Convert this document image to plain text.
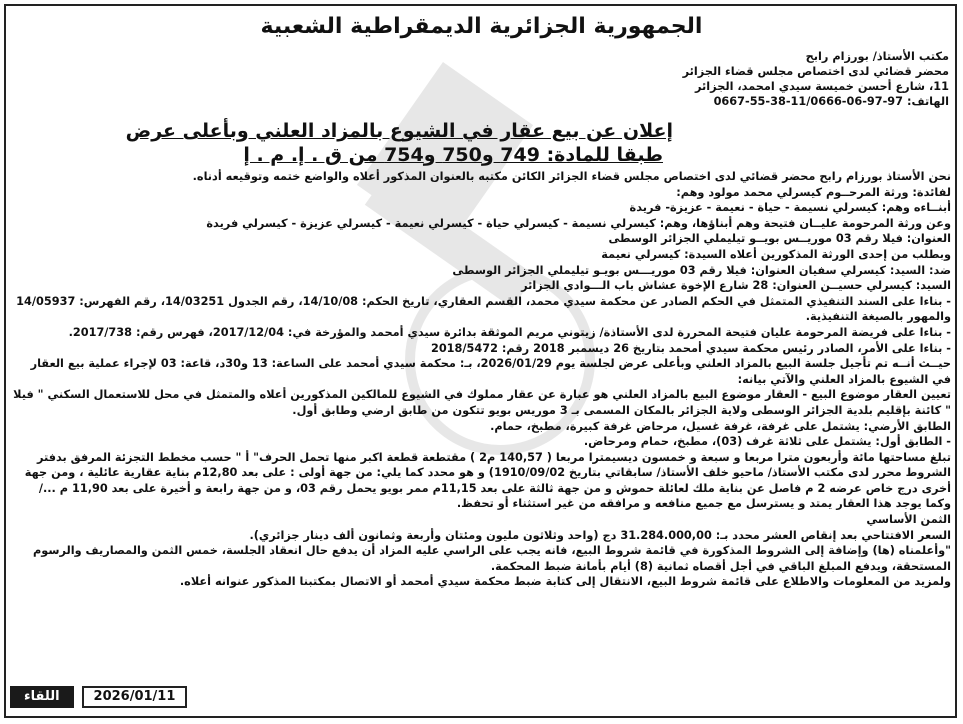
الجمهورية الجزائرية الديمقراطية الشعبية
مكتب الأستاذ/ بورزام رابح
محضر قضائي لدى اختصاص مجلس قضاء الجزائر
11، شارع أحسن خميسة سيدي امحمد، الجزائر
الهاتف: 0667-55-38-11/0666-06-97-97
إعلان عن بيع عقار في الشيوع بالمزاد العلني وبأعلى عرض
طبقا للمادة: 749 و750 و754 من ق . إ. م . إ

نحن الأستاذ بورزام رابح محضر قضائي لدى اختصاص مجلس قضاء الجزائر الكائن مكتبه بالعنوان المذكور أعلاه والواضع ختمه وتوقيعه أدناه.

لفائدة: ورثة المرحــوم كيسرلي محمد مولود وهم:

أبنــاءه وهم: كيسرلي نسيمة - حياة - نعيمة - عزيزة- فريدة

وعن ورثة المرحومة عليــان فتيحة وهم أبناؤها، وهم: كيسرلي نسيمة - كيسرلي حياة - كيسرلي نعيمة - كيسرلي عزيزة - كيسرلي فريدة

العنوان: فيلا رقم 03 موريــس بويــو تيليملي الجزائر الوسطى

وبطلب من إحدى الورثة المذكورين أعلاه السيدة: كيسرلي نعيمة

ضد: السيد: كيسرلي سفيان العنوان: فيلا رقم 03 موريـــس بويـو تيليملي الجزائر الوسطى

السيد: كيسرلي حسيــن العنوان: 28 شارع الإخوة عشاش باب الـــوادي الجزائر

- بناءا على السند التنفيذي المتمثل في الحكم الصادر عن محكمة سيدي محمد، القسم العقاري، تاريخ الحكم: 14/10/08، رقم الجدول 14/03251، رقم الفهرس: 14/05937 والمهور بالصيغة التنفيذية.

- بناءا على فريضة المرحومة عليان فتيحة المحررة لدى الأستاذة/ زيتوني مريم الموثقة بدائرة سيدي أمحمد والمؤرخة في: 2017/12/04، فهرس رقم: 2017/738.

- بناءا على الأمر، الصادر رئيس محكمة سيدي أمحمد بتاريخ 26 ديسمبر 2018 رقم: 2018/5472

حيــث أنــه تم تأجيل جلسة البيع بالمزاد العلني وبأعلى عرض لجلسة يوم 2026/01/29، بـ: محكمة سيدي أمحمد على الساعة: 13 و30د، قاعة: 03 لإجراء عملية بيع العقار في الشيوع بالمزاد العلني والآتي بيانه:

تعيين العقار موضوع البيع - العقار موضوع البيع بالمزاد العلني هو عبارة عن عقار مملوك في الشيوع للمالكين المذكورين أعلاه والمتمثل في محل للاستعمال السكني " فيلا " كائنة بإقليم بلدية الجزائر الوسطى ولاية الجزائر بالمكان المسمى بـ 3 موريس بويو تتكون من طابق ارضي وطابق أول.

الطابق الأرضي: يشتمل على غرفة، غرفة غسيل، مرحاض غرفة كبيرة، مطبخ، حمام.

- الطابق أول: يشتمل على ثلاثة غرف (03)، مطبخ، حمام ومرحاض.

تبلغ مساحتها مائة وأربعون مترا مربعا و سبعة و خمسون ديسيمترا مربعا ( 140,57 م2 ) مقتطعة قطعة اكبر منها تحمل الحرف" أ " حسب مخطط التجزئة المرفق بدفتر الشروط محرر لدى مكتب الأستاذ/ ماحيو خلف الأستاذ/ سابقاتي بتاريخ 1910/09/02) و هو محدد كما يلي: من جهة أولى : على بعد 12,80م بناية عقارية عائلية ، ومن جهة أخرى درج خاص عرضه 2 م فاصل عن بناية ملك لعائلة حموش و من جهة ثالثة على بعد 11,15م ممر بويو يحمل رقم 03، و من جهة رابعة و أخيرة على بعد 11,90 م .../ وكما يوجد هذا العقار يمتد و يسترسل مع جميع منافعه و مرافقه من غير استثناء أو تحفظ.

الثمن الأساسي

السعر الافتتاحي بعد إنقاص العشر محدد بـ: 31.284.000,00 دج (واحد وثلاثون مليون ومئتان وأربعة وثمانون ألف دينار جزائري).

"وأعلمناه (ها) وإضافة إلى الشروط المذكورة في قائمة شروط البيع، فانه يجب على الراسي عليه المزاد أن يدفع حال انعقاد الجلسة، خمس الثمن والمصاريف والرسوم المستحقة، ويدفع المبلغ الباقي في أجل أقصاه ثمانية (8) أيام بأمانة ضبط المحكمة.

ولمزيد من المعلومات والاطلاع على قائمة شروط البيع، الانتقال إلى كتابة ضبط محكمة سيدي أمحمد أو الاتصال بمكتبنا المذكور عنوانه أعلاه.

اللقاء	2026/01/11
